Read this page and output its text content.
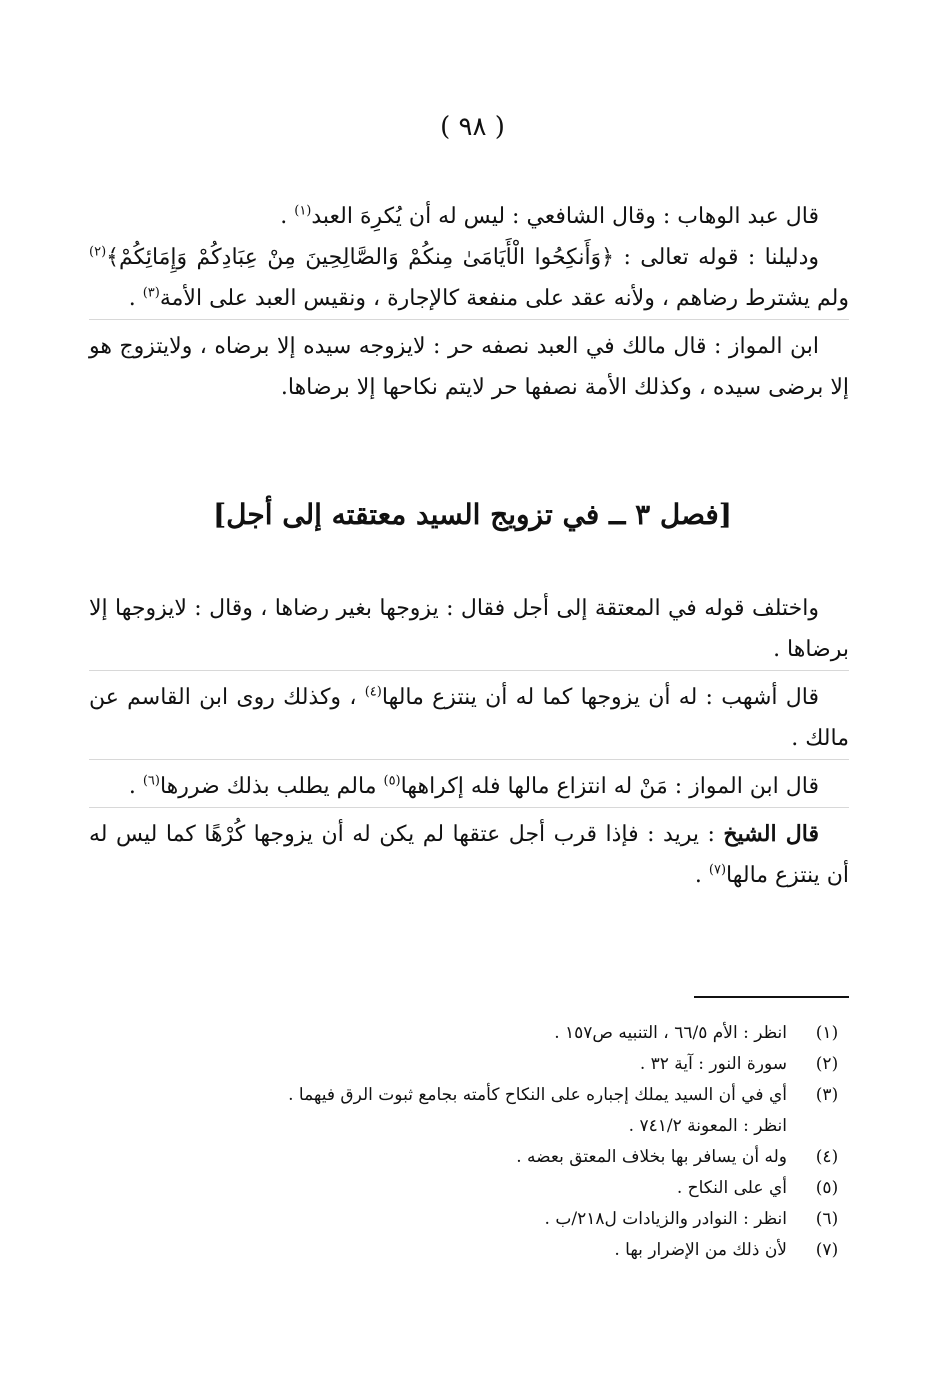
( ٩٨ )

قال عبد الوهاب : وقال الشافعي : ليس له أن يُكرِهَ العبد$^{(١)}$ .

ودليلنا : قوله تعالى : ﴿وَأَنكِحُوا الْأَيَامَىٰ مِنكُمْ وَالصَّالِحِينَ مِنْ عِبَادِكُمْ وَإِمَائِكُمْ﴾$^{(٢)}$ ولم يشترط رضاهم ، ولأنه عقد على منفعة كالإجارة ، ونقيس العبد على الأمة$^{(٣)}$ .

ابن المواز : قال مالك في العبد نصفه حر : لايزوجه سيده إلا برضاه ، ولايتزوج هو إلا برضى سيده ، وكذلك الأمة نصفها حر لايتم نكاحها إلا برضاها.

[فصل ٣ ــ في تزويج السيد معتقته إلى أجل]

واختلف قوله في المعتقة إلى أجل فقال : يزوجها بغير رضاها ، وقال : لايزوجها إلا برضاها .

قال أشهب : له أن يزوجها كما له أن ينتزع مالها$^{(٤)}$ ، وكذلك روى ابن القاسم عن مالك .

قال ابن المواز : مَنْ له انتزاع مالها فله إكراهها$^{(٥)}$ مالم يطلب بذلك ضررها$^{(٦)}$ .

قال الشيخ : يريد : فإذا قرب أجل عتقها لم يكن له أن يزوجها كُرْهًا كما ليس له أن ينتزع مالها$^{(٧)}$ .

(١)
انظر : الأم ٦٦/٥ ، التنبيه ص١٥٧ .
(٢)
سورة النور : آية ٣٢ .
(٣)
أي في أن السيد يملك إجباره على النكاح كأمته بجامع ثبوت الرق فيهما .
انظر : المعونة ٧٤١/٢ .
(٤)
وله أن يسافر بها بخلاف المعتق بعضه .
(٥)
أي على النكاح .
(٦)
انظر : النوادر والزيادات ل٢١٨/ب .
(٧)
لأن ذلك من الإضرار بها .
